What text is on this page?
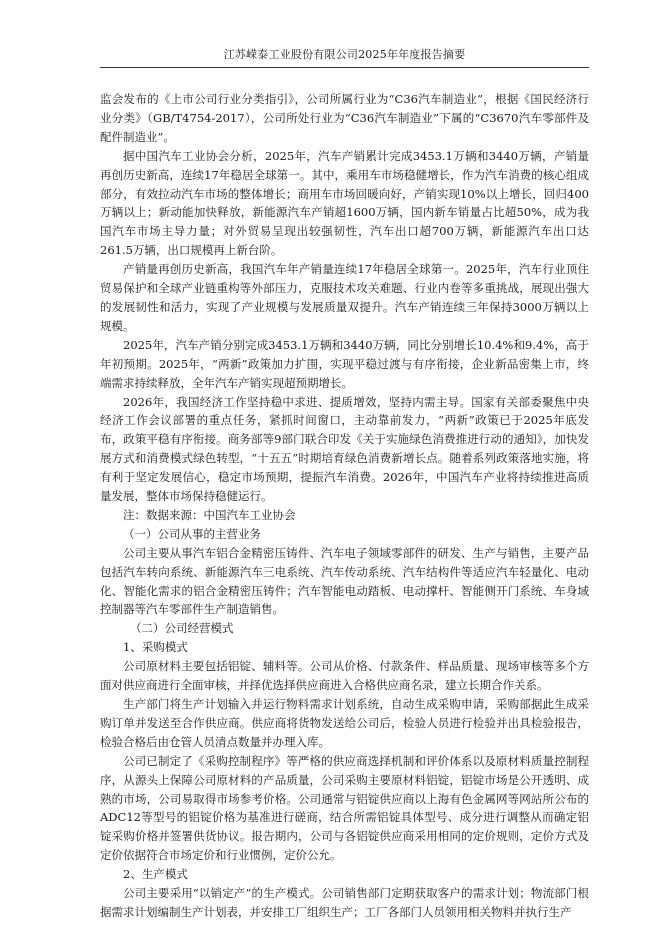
江苏嵘泰工业股份有限公司2025年年度报告摘要

监会发布的《上市公司行业分类指引》，公司所属行业为“C36汽车制造业”，根据《国民经济行业分类》（GB/T4754-2017），公司所处行业为“C36汽车制造业”下属的“C3670汽车零部件及配件制造业”。

据中国汽车工业协会分析，2025年，汽车产销累计完成3453.1万辆和3440万辆，产销量再创历史新高，连续17年稳居全球第一。其中，乘用车市场稳健增长，作为汽车消费的核心组成部分，有效拉动汽车市场的整体增长；商用车市场回暖向好，产销实现10%以上增长，回归400万辆以上；新动能加快释放，新能源汽车产销超1600万辆，国内新车销量占比超50%，成为我国汽车市场主导力量；对外贸易呈现出较强韧性，汽车出口超700万辆，新能源汽车出口达261.5万辆，出口规模再上新台阶。

产销量再创历史新高，我国汽车年产销量连续17年稳居全球第一。2025年，汽车行业顶住贸易保护和全球产业链重构等外部压力，克服技术攻关难题、行业内卷等多重挑战，展现出强大的发展韧性和活力，实现了产业规模与发展质量双提升。汽车产销连续三年保持3000万辆以上规模。

2025年，汽车产销分别完成3453.1万辆和3440万辆，同比分别增长10.4%和9.4%，高于年初预期。2025年，“两新”政策加力扩围，实现平稳过渡与有序衔接，企业新品密集上市，终端需求持续释放，全年汽车产销实现超预期增长。

2026年，我国经济工作坚持稳中求进、提质增效，坚持内需主导。国家有关部委聚焦中央经济工作会议部署的重点任务，紧抓时间窗口，主动靠前发力，“两新”政策已于2025年底发布，政策平稳有序衔接。商务部等9部门联合印发《关于实施绿色消费推进行动的通知》，加快发展方式和消费模式绿色转型，“十五五”时期培育绿色消费新增长点。随着系列政策落地实施，将有利于坚定发展信心，稳定市场预期，提振汽车消费。2026年，中国汽车产业将持续推进高质量发展，整体市场保持稳健运行。

注：数据来源：中国汽车工业协会

（一）公司从事的主营业务

公司主要从事汽车铝合金精密压铸件、汽车电子领域零部件的研发、生产与销售，主要产品包括汽车转向系统、新能源汽车三电系统、汽车传动系统、汽车结构件等适应汽车轻量化、电动化、智能化需求的铝合金精密压铸件；汽车智能电动踏板、电动撑杆、智能侧开门系统、车身域控制器等汽车零部件生产制造销售。

（二）公司经营模式

1、采购模式

公司原材料主要包括铝锭、辅料等。公司从价格、付款条件、样品质量、现场审核等多个方面对供应商进行全面审核，并择优选择供应商进入合格供应商名录，建立长期合作关系。

生产部门将生产计划输入并运行物料需求计划系统，自动生成采购申请，采购部据此生成采购订单并发送至合作供应商。供应商将货物发送给公司后，检验人员进行检验并出具检验报告，检验合格后由仓管人员清点数量并办理入库。

公司已制定了《采购控制程序》等严格的供应商选择机制和评价体系以及原材料质量控制程序，从源头上保障公司原材料的产品质量，公司采购主要原材料铝锭，铝锭市场是公开透明、成熟的市场，公司易取得市场参考价格。公司通常与铝锭供应商以上海有色金属网等网站所公布的ADC12等型号的铝锭价格为基准进行磋商，结合所需铝锭具体型号、成分进行调整从而确定铝锭采购价格并签署供货协议。报告期内，公司与各铝锭供应商采用相同的定价规则，定价方式及定价依据符合市场定价和行业惯例，定价公允。

2、生产模式

公司主要采用“以销定产”的生产模式。公司销售部门定期获取客户的需求计划；物流部门根据需求计划编制生产计划表，并安排工厂组织生产；工厂各部门人员领用相关物料并执行生产
